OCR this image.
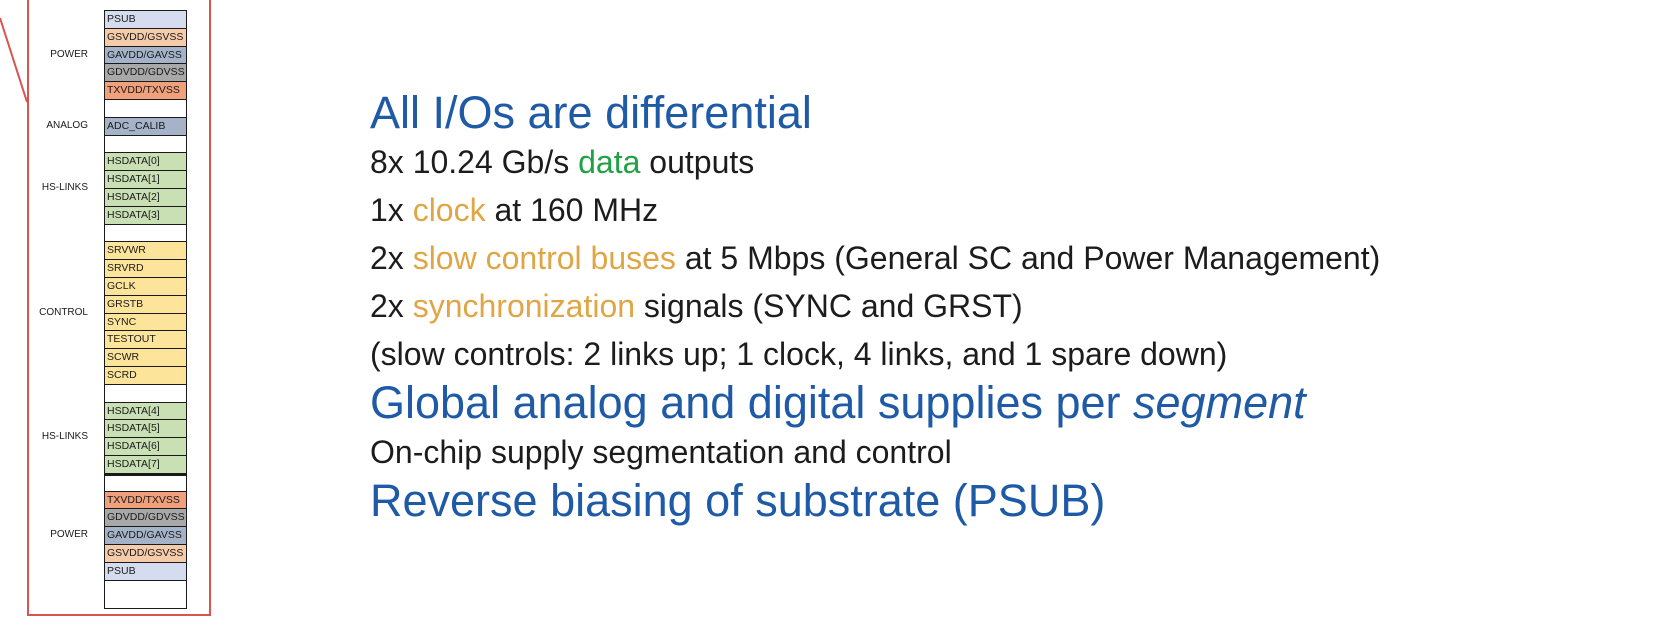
PSUB
GSVDD/GSVSS
GAVDD/GAVSS
GDVDD/GDVSS
TXVDD/TXVSS
ADC_CALIB
HSDATA[0]
HSDATA[1]
HSDATA[2]
HSDATA[3]
SRVWR
SRVRD
GCLK
GRSTB
SYNC
TESTOUT
SCWR
SCRD
HSDATA[4]
HSDATA[5]
HSDATA[6]
HSDATA[7]
TXVDD/TXVSS
GDVDD/GDVSS
GAVDD/GAVSS
GSVDD/GSVSS
PSUB
POWER
ANALOG
HS-LINKS
CONTROL
HS-LINKS
POWER
All I/Os are differential
8x 10.24 Gb/s data outputs
1x clock at 160 MHz
2x slow control buses at 5 Mbps (General SC and Power Management)
2x synchronization signals (SYNC and GRST)
(slow controls: 2 links up; 1 clock, 4 links, and 1 spare down)
Global analog and digital supplies per segment
On-chip supply segmentation and control
Reverse biasing of substrate (PSUB)
